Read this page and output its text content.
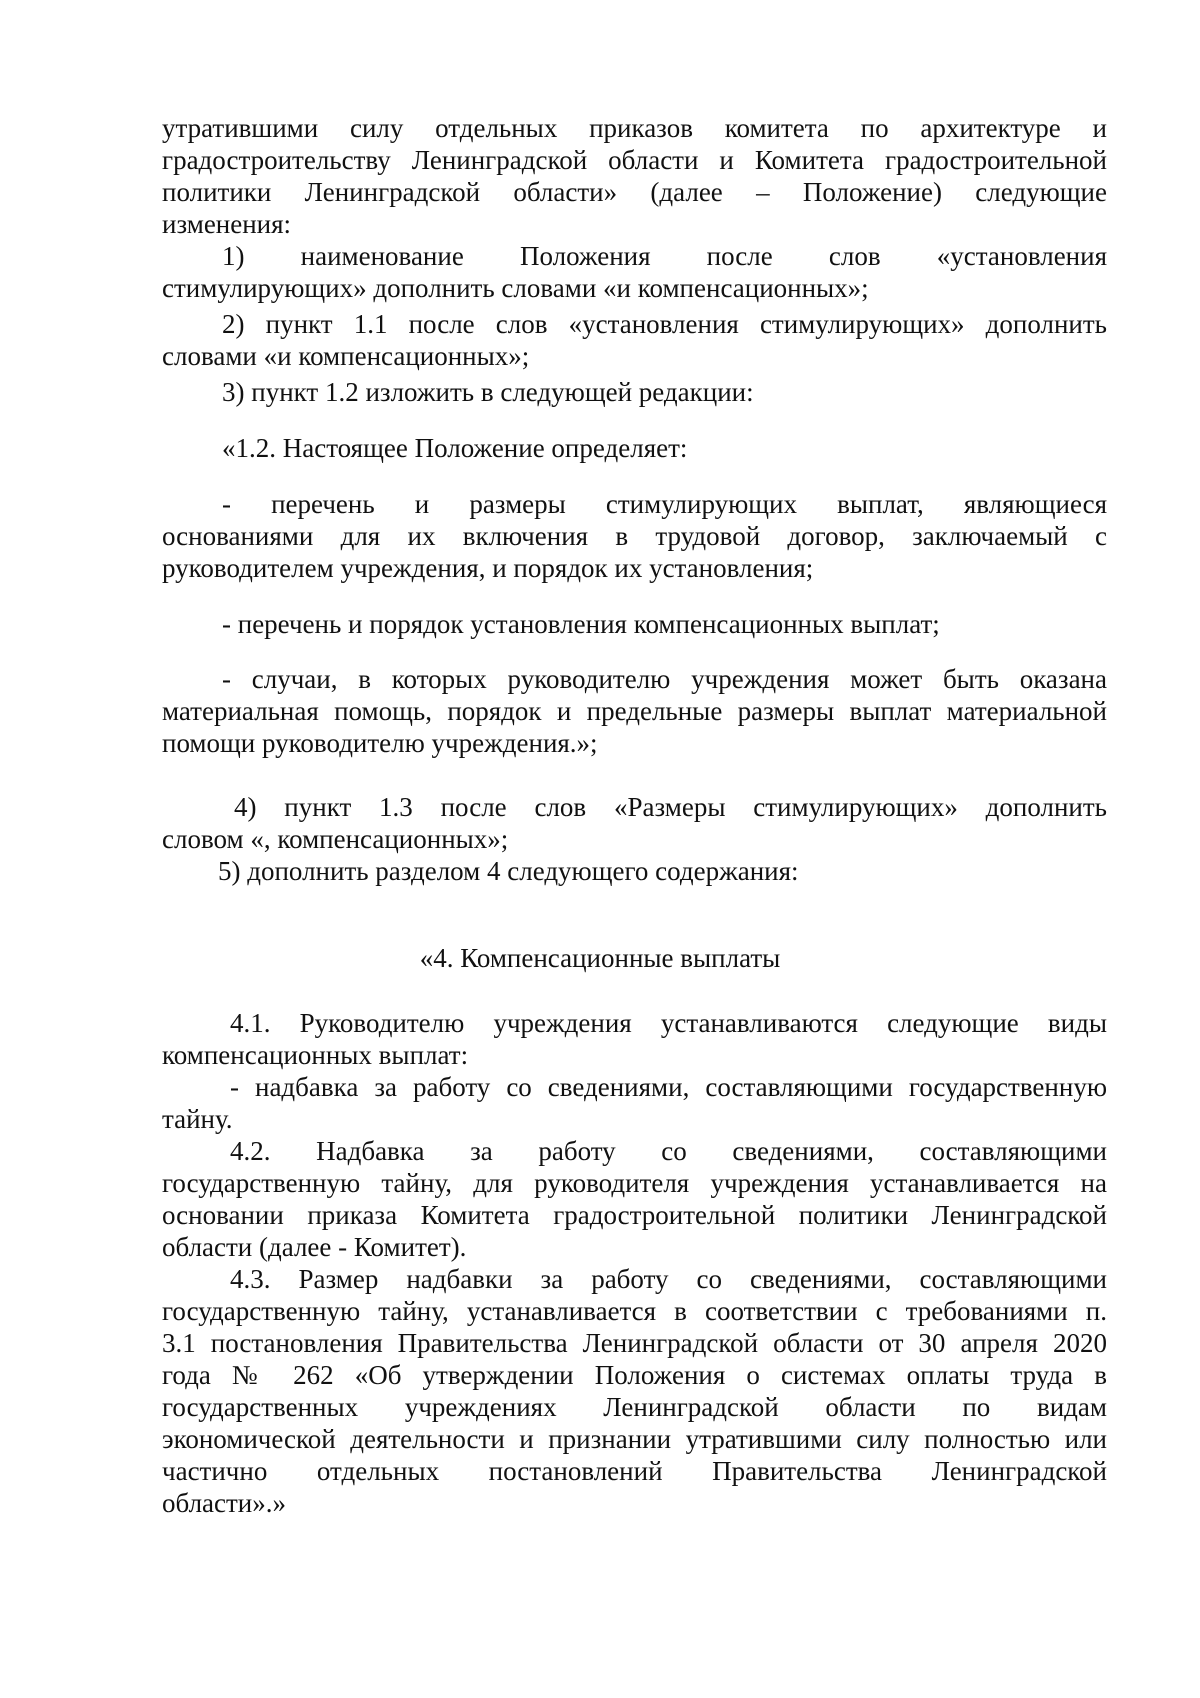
утратившими силу отдельных приказов комитета по архитектуре и
градостроительству Ленинградской области и Комитета градостроительной
политики Ленинградской области» (далее – Положение) следующие
изменения:
1) наименование Положения после слов «установления
стимулирующих» дополнить словами «и компенсационных»;
2) пункт 1.1 после слов «установления стимулирующих» дополнить
словами «и компенсационных»;
3) пункт 1.2 изложить в следующей редакции:
«1.2. Настоящее Положение определяет:
- перечень и размеры стимулирующих выплат, являющиеся
основаниями для их включения в трудовой договор, заключаемый с
руководителем учреждения, и порядок их установления;
- перечень и порядок установления компенсационных выплат;
- случаи, в которых руководителю учреждения может быть оказана
материальная помощь, порядок и предельные размеры выплат материальной
помощи руководителю учреждения.»;
4) пункт 1.3 после слов «Размеры стимулирующих» дополнить
словом «, компенсационных»;
5) дополнить разделом 4 следующего содержания:
«4. Компенсационные выплаты
4.1. Руководителю учреждения устанавливаются следующие виды
компенсационных выплат:
- надбавка за работу со сведениями, составляющими государственную
тайну.
4.2. Надбавка за работу со сведениями, составляющими
государственную тайну, для руководителя учреждения устанавливается на
основании приказа Комитета градостроительной политики Ленинградской
области (далее - Комитет).
4.3. Размер надбавки за работу со сведениями, составляющими
государственную тайну, устанавливается в соответствии с требованиями п.
3.1 постановления Правительства Ленинградской области от 30 апреля 2020
года № 262 «Об утверждении Положения о системах оплаты труда в
государственных учреждениях Ленинградской области по видам
экономической деятельности и признании утратившими силу полностью или
частично отдельных постановлений Правительства Ленинградской
области».»
